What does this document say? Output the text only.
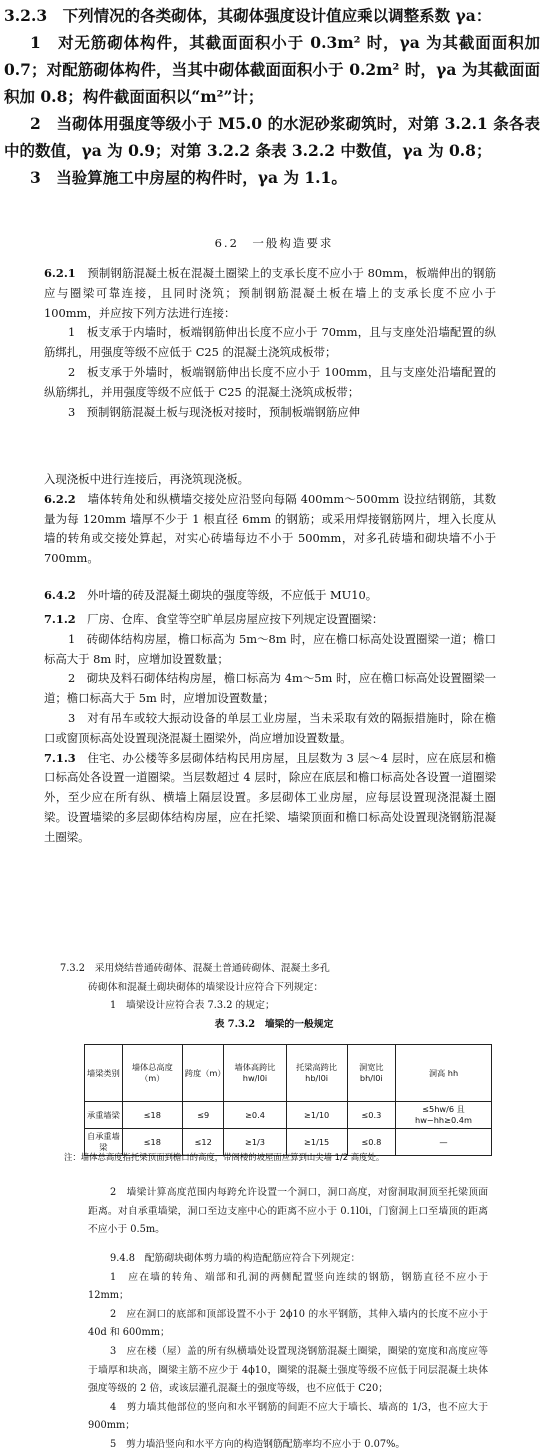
3.2.3　下列情况的各类砌体，其砌体强度设计值应乘以调整系数 γa：

1　对无筋砌体构件，其截面面积小于 0.3m² 时，γa 为其截面面积加 0.7；对配筋砌体构件，当其中砌体截面面积小于 0.2m² 时，γa 为其截面面积加 0.8；构件截面面积以“m²”计；

2　当砌体用强度等级小于 M5.0 的水泥砂浆砌筑时，对第 3.2.1 条各表中的数值，γa 为 0.9；对第 3.2.2 条表 3.2.2 中数值，γa 为 0.8；

3　当验算施工中房屋的构件时，γa 为 1.1。

6.2　一般构造要求

6.2.1　 预制钢筋混凝土板在混凝土圈梁上的支承长度不应小于 80mm，板端伸出的钢筋应与圈梁可靠连接，且同时浇筑；预制钢筋混凝土板在墙上的支承长度不应小于 100mm，并应按下列方法进行连接：

1　板支承于内墙时，板端钢筋伸出长度不应小于 70mm，且与支座处沿墙配置的纵筋绑扎，用强度等级不应低于 C25 的混凝土浇筑成板带；

2　板支承于外墙时，板端钢筋伸出长度不应小于 100mm，且与支座处沿墙配置的纵筋绑扎，并用强度等级不应低于 C25 的混凝土浇筑成板带；

3　预制钢筋混凝土板与现浇板对接时，预制板端钢筋应伸

入现浇板中进行连接后，再浇筑现浇板。

6.2.2　 墙体转角处和纵横墙交接处应沿竖向每隔 400mm～500mm 设拉结钢筋，其数量为每 120mm 墙厚不少于 1 根直径 6mm 的钢筋；或采用焊接钢筋网片，埋入长度从墙的转角或交接处算起，对实心砖墙每边不小于 500mm，对多孔砖墙和砌块墙不小于 700mm。

6.4.2　 外叶墙的砖及混凝土砌块的强度等级，不应低于 MU10。

7.1.2　 厂房、仓库、食堂等空旷单层房屋应按下列规定设置圈梁：

1　砖砌体结构房屋，檐口标高为 5m～8m 时，应在檐口标高处设置圈梁一道；檐口标高大于 8m 时，应增加设置数量；

2　砌块及料石砌体结构房屋，檐口标高为 4m～5m 时，应在檐口标高处设置圈梁一道；檐口标高大于 5m 时，应增加设置数量；

3　对有吊车或较大振动设备的单层工业房屋，当未采取有效的隔振措施时，除在檐口或窗顶标高处设置现浇混凝土圈梁外，尚应增加设置数量。

7.1.3　 住宅、办公楼等多层砌体结构民用房屋，且层数为 3 层～4 层时，应在底层和檐口标高处各设置一道圈梁。当层数超过 4 层时，除应在底层和檐口标高处各设置一道圈梁外，至少应在所有纵、横墙上隔层设置。多层砌体工业房屋，应每层设置现浇混凝土圈梁。设置墙梁的多层砌体结构房屋，应在托梁、墙梁顶面和檐口标高处设置现浇钢筋混凝土圈梁。

7.3.2　采用烧结普通砖砌体、混凝土普通砖砌体、混凝土多孔

砖砌体和混凝土砌块砌体的墙梁设计应符合下列规定：

1　墙梁设计应符合表 7.3.2 的规定；

表 7.3.2　墙梁的一般规定

墙梁类别	墙体总高度（m）	跨度（m）	墙体高跨比 hw/l0i	托梁高跨比 hb/l0i	洞宽比 bh/l0i	洞高 hh
承重墙梁	≤18	≤9	≥0.4	≥1/10	≤0.3	≤5hw/6 且 hw−hh≥0.4m
自承重墙梁	≤18	≤12	≥1/3	≥1/15	≤0.8	—

注：墙体总高度指托梁顶面到檐口的高度，带阁楼的坡屋面应算到山尖墙 1/2 高度处。

2　墙梁计算高度范围内每跨允许设置一个洞口，洞口高度，对窗洞取洞顶至托梁顶面距离。对自承重墙梁，洞口至边支座中心的距离不应小于 0.1l0i，门窗洞上口至墙顶的距离不应小于 0.5m。

9.4.8　 配筋砌块砌体剪力墙的构造配筋应符合下列规定：

1　应在墙的转角、端部和孔洞的两侧配置竖向连续的钢筋，钢筋直径不应小于 12mm；

2　应在洞口的底部和顶部设置不小于 2ϕ10 的水平钢筋，其伸入墙内的长度不应小于 40d 和 600mm；

3　应在楼（屋）盖的所有纵横墙处设置现浇钢筋混凝土圈梁，圈梁的宽度和高度应等于墙厚和块高，圈梁主筋不应少于 4ϕ10，圈梁的混凝土强度等级不应低于同层混凝土块体强度等级的 2 倍，或该层灌孔混凝土的强度等级，也不应低于 C20；

4　剪力墙其他部位的竖向和水平钢筋的间距不应大于墙长、墙高的 1/3，也不应大于 900mm；

5　剪力墙沿竖向和水平方向的构造钢筋配筋率均不应小于 0.07%。
